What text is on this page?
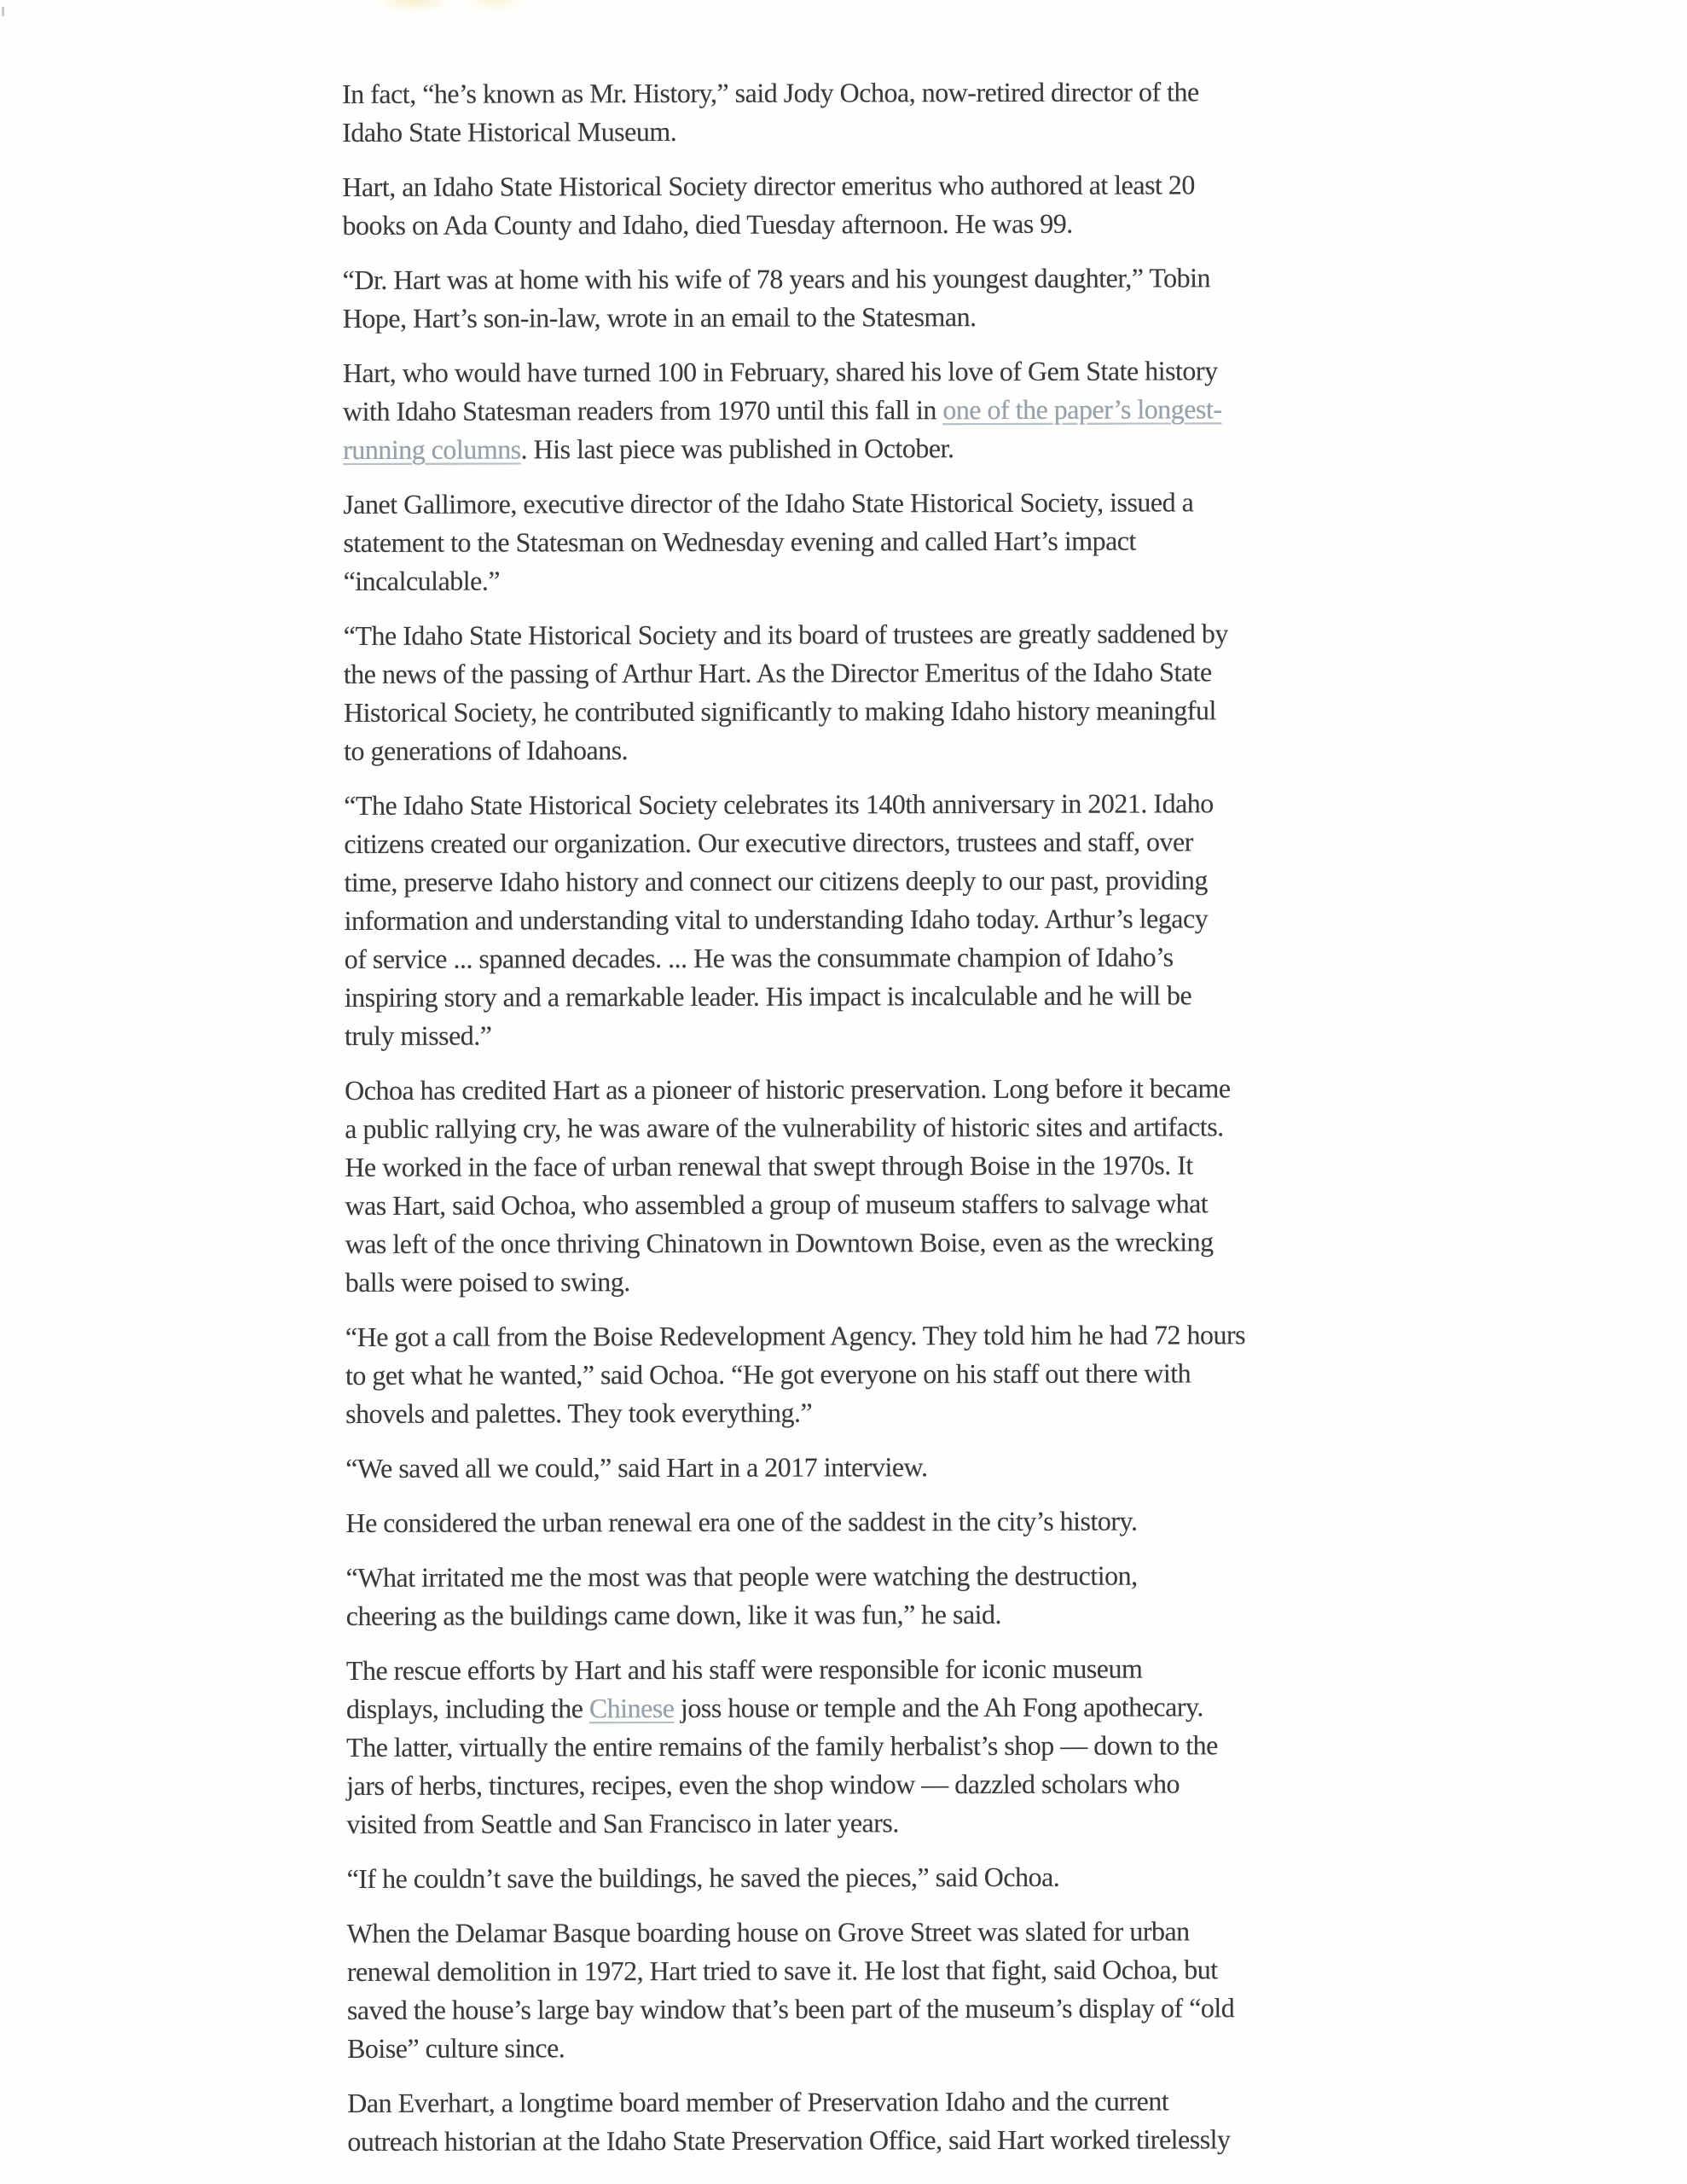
In fact, “he’s known as Mr. History,” said Jody Ochoa, now-retired director of the
Idaho State Historical Museum.

Hart, an Idaho State Historical Society director emeritus who authored at least 20
books on Ada County and Idaho, died Tuesday afternoon. He was 99.

“Dr. Hart was at home with his wife of 78 years and his youngest daughter,” Tobin
Hope, Hart’s son-in-law, wrote in an email to the Statesman.

Hart, who would have turned 100 in February, shared his love of Gem State history
with Idaho Statesman readers from 1970 until this fall in one of the paper’s longest-
running columns. His last piece was published in October.

Janet Gallimore, executive director of the Idaho State Historical Society, issued a
statement to the Statesman on Wednesday evening and called Hart’s impact
“incalculable.”

“The Idaho State Historical Society and its board of trustees are greatly saddened by
the news of the passing of Arthur Hart. As the Director Emeritus of the Idaho State
Historical Society, he contributed significantly to making Idaho history meaningful
to generations of Idahoans.

“The Idaho State Historical Society celebrates its 140th anniversary in 2021. Idaho
citizens created our organization. Our executive directors, trustees and staff, over
time, preserve Idaho history and connect our citizens deeply to our past, providing
information and understanding vital to understanding Idaho today. Arthur’s legacy
of service ... spanned decades. ... He was the consummate champion of Idaho’s
inspiring story and a remarkable leader. His impact is incalculable and he will be
truly missed.”

Ochoa has credited Hart as a pioneer of historic preservation. Long before it became
a public rallying cry, he was aware of the vulnerability of historic sites and artifacts.
He worked in the face of urban renewal that swept through Boise in the 1970s. It
was Hart, said Ochoa, who assembled a group of museum staffers to salvage what
was left of the once thriving Chinatown in Downtown Boise, even as the wrecking
balls were poised to swing.

“He got a call from the Boise Redevelopment Agency. They told him he had 72 hours
to get what he wanted,” said Ochoa. “He got everyone on his staff out there with
shovels and palettes. They took everything.”

“We saved all we could,” said Hart in a 2017 interview.

He considered the urban renewal era one of the saddest in the city’s history.

“What irritated me the most was that people were watching the destruction,
cheering as the buildings came down, like it was fun,” he said.

The rescue efforts by Hart and his staff were responsible for iconic museum
displays, including the Chinese joss house or temple and the Ah Fong apothecary.
The latter, virtually the entire remains of the family herbalist’s shop — down to the
jars of herbs, tinctures, recipes, even the shop window — dazzled scholars who
visited from Seattle and San Francisco in later years.

“If he couldn’t save the buildings, he saved the pieces,” said Ochoa.

When the Delamar Basque boarding house on Grove Street was slated for urban
renewal demolition in 1972, Hart tried to save it. He lost that fight, said Ochoa, but
saved the house’s large bay window that’s been part of the museum’s display of “old
Boise” culture since.

Dan Everhart, a longtime board member of Preservation Idaho and the current
outreach historian at the Idaho State Preservation Office, said Hart worked tirelessly
